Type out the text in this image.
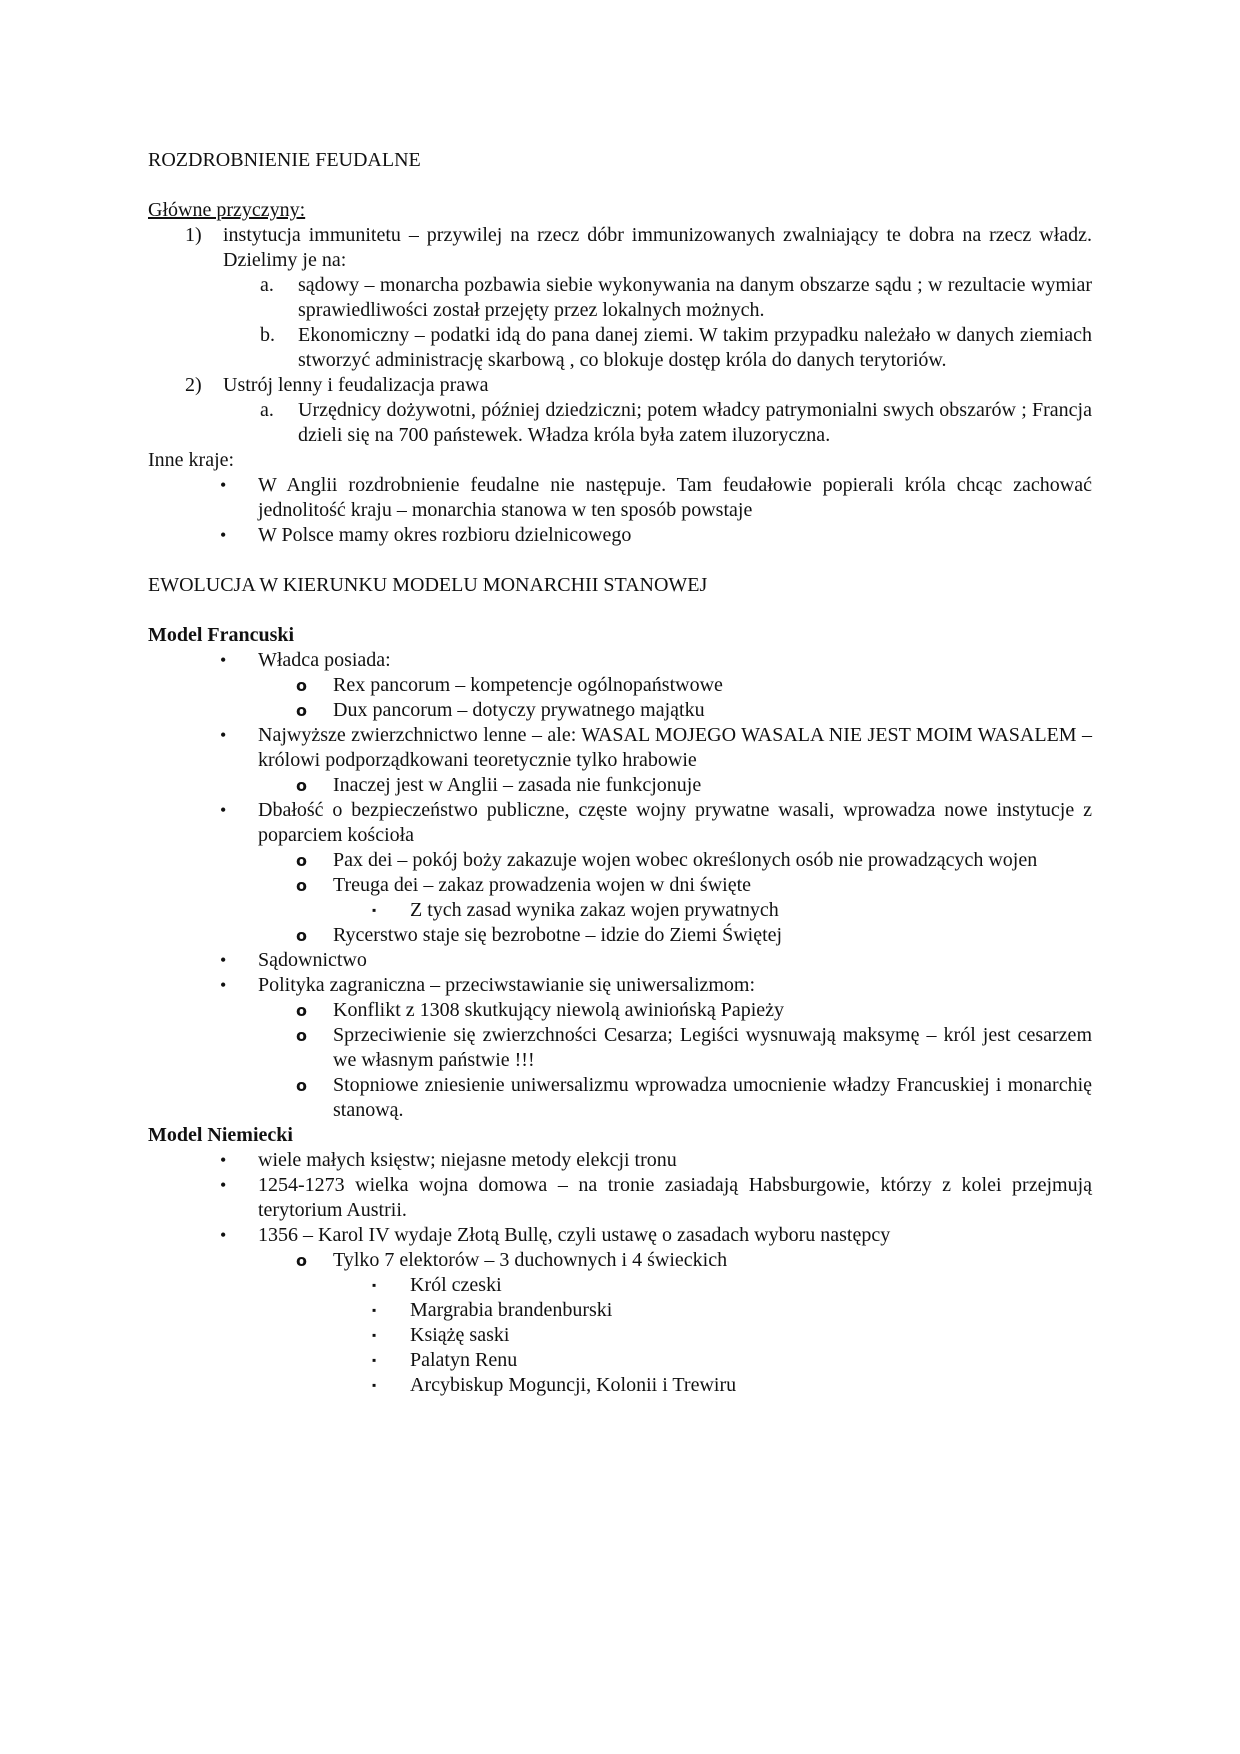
ROZDROBNIENIE FEUDALNE
Główne przyczyny:
1)	instytucja immunitetu – przywilej na rzecz dóbr immunizowanych zwalniający te dobra na rzecz władz. Dzielimy je na:
a.	sądowy – monarcha pozbawia siebie wykonywania na danym obszarze sądu ; w rezultacie wymiar sprawiedliwości został przejęty przez lokalnych możnych.
b.	Ekonomiczny – podatki idą do pana danej ziemi. W takim przypadku należało w danych ziemiach stworzyć administrację skarbową , co blokuje dostęp króla do danych terytoriów.
2)	Ustrój lenny i feudalizacja prawa
a.	Urzędnicy dożywotni, później dziedziczni; potem władcy patrymonialni swych obszarów ; Francja dzieli się na 700 państewek. Władza króla była zatem iluzoryczna.
Inne kraje:
•	W Anglii rozdrobnienie feudalne nie następuje. Tam feudałowie popierali króla chcąc zachować jednolitość kraju – monarchia stanowa w ten sposób powstaje
•	W Polsce mamy okres rozbioru dzielnicowego
EWOLUCJA W KIERUNKU MODELU MONARCHII STANOWEJ
Model Francuski
•	Władca posiada:
o	Rex pancorum – kompetencje ogólnopaństwowe
o	Dux pancorum – dotyczy prywatnego majątku
•	Najwyższe zwierzchnictwo lenne – ale: WASAL MOJEGO WASALA NIE JEST MOIM WASALEM – królowi podporządkowani teoretycznie tylko hrabowie
o	Inaczej jest w Anglii – zasada nie funkcjonuje
•	Dbałość o bezpieczeństwo publiczne, częste wojny prywatne wasali, wprowadza nowe instytucje z poparciem kościoła
o	Pax dei – pokój boży zakazuje wojen wobec określonych osób nie prowadzących wojen
o	Treuga dei – zakaz prowadzenia wojen w dni święte
▪	Z tych zasad wynika zakaz wojen prywatnych
o	Rycerstwo staje się bezrobotne – idzie do Ziemi Świętej
•	Sądownictwo
•	Polityka zagraniczna – przeciwstawianie się uniwersalizmom:
o	Konflikt z 1308 skutkujący niewolą awiniońską Papieży
o	Sprzeciwienie się zwierzchności Cesarza; Legiści wysnuwają maksymę – król jest cesarzem we własnym państwie !!!
o	Stopniowe zniesienie uniwersalizmu wprowadza umocnienie władzy Francuskiej i monarchię stanową.
Model Niemiecki
•	wiele małych księstw; niejasne metody elekcji tronu
•	1254-1273 wielka wojna domowa – na tronie zasiadają Habsburgowie, którzy z kolei przejmują terytorium Austrii.
•	1356 – Karol IV wydaje Złotą Bullę, czyli ustawę o zasadach wyboru następcy
o	Tylko 7 elektorów – 3 duchownych i 4 świeckich
▪	Król czeski
▪	Margrabia brandenburski
▪	Książę saski
▪	Palatyn Renu
▪	Arcybiskup Moguncji, Kolonii i Trewiru
